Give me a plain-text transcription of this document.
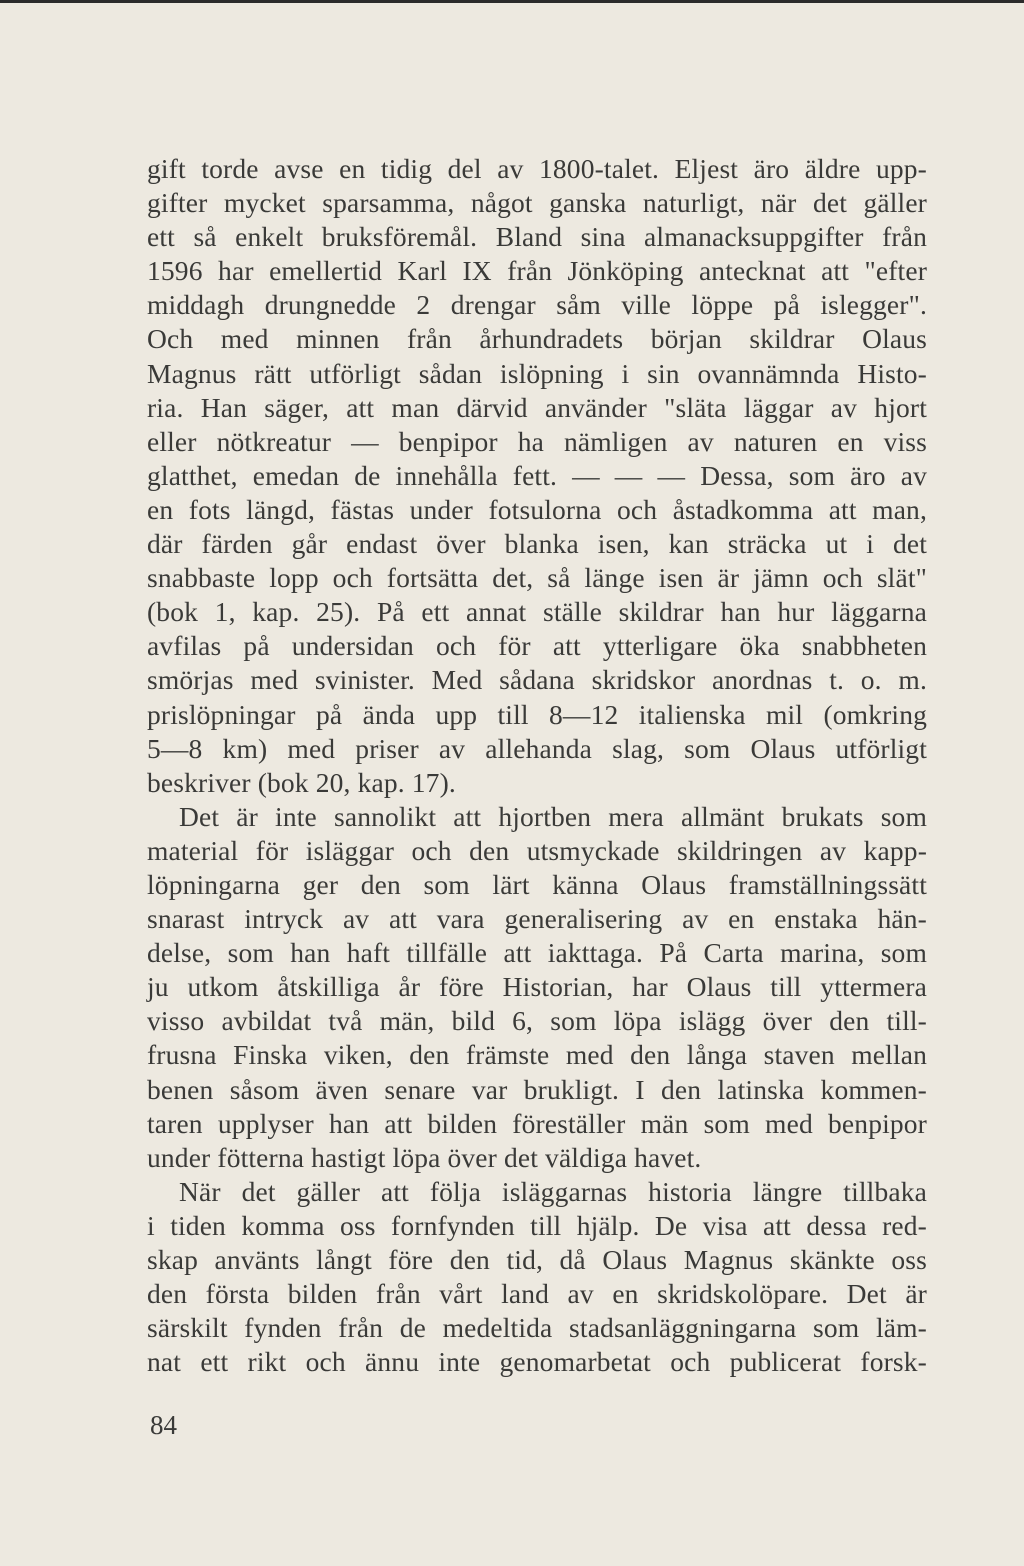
gift torde avse en tidig del av 1800-talet. Eljest äro äldre upp-
gifter mycket sparsamma, något ganska naturligt, när det gäller
ett så enkelt bruksföremål. Bland sina almanacksuppgifter från
1596 har emellertid Karl IX från Jönköping antecknat att "efter
middagh drungnedde 2 drengar såm ville löppe på islegger".
Och med minnen från århundradets början skildrar Olaus
Magnus rätt utförligt sådan islöpning i sin ovannämnda Histo-
ria. Han säger, att man därvid använder "släta läggar av hjort
eller nötkreatur — benpipor ha nämligen av naturen en viss
glatthet, emedan de innehålla fett. — — — Dessa, som äro av
en fots längd, fästas under fotsulorna och åstadkomma att man,
där färden går endast över blanka isen, kan sträcka ut i det
snabbaste lopp och fortsätta det, så länge isen är jämn och slät"
(bok 1, kap. 25). På ett annat ställe skildrar han hur läggarna
avfilas på undersidan och för att ytterligare öka snabbheten
smörjas med svinister. Med sådana skridskor anordnas t. o. m.
prislöpningar på ända upp till 8—12 italienska mil (omkring
5—8 km) med priser av allehanda slag, som Olaus utförligt
beskriver (bok 20, kap. 17).
Det är inte sannolikt att hjortben mera allmänt brukats som
material för isläggar och den utsmyckade skildringen av kapp-
löpningarna ger den som lärt känna Olaus framställningssätt
snarast intryck av att vara generalisering av en enstaka hän-
delse, som han haft tillfälle att iakttaga. På Carta marina, som
ju utkom åtskilliga år före Historian, har Olaus till yttermera
visso avbildat två män, bild 6, som löpa islägg över den till-
frusna Finska viken, den främste med den långa staven mellan
benen såsom även senare var brukligt. I den latinska kommen-
taren upplyser han att bilden föreställer män som med benpipor
under fötterna hastigt löpa över det väldiga havet.
När det gäller att följa isläggarnas historia längre tillbaka
i tiden komma oss fornfynden till hjälp. De visa att dessa red-
skap använts långt före den tid, då Olaus Magnus skänkte oss
den första bilden från vårt land av en skridskolöpare. Det är
särskilt fynden från de medeltida stadsanläggningarna som läm-
nat ett rikt och ännu inte genomarbetat och publicerat forsk-
84
